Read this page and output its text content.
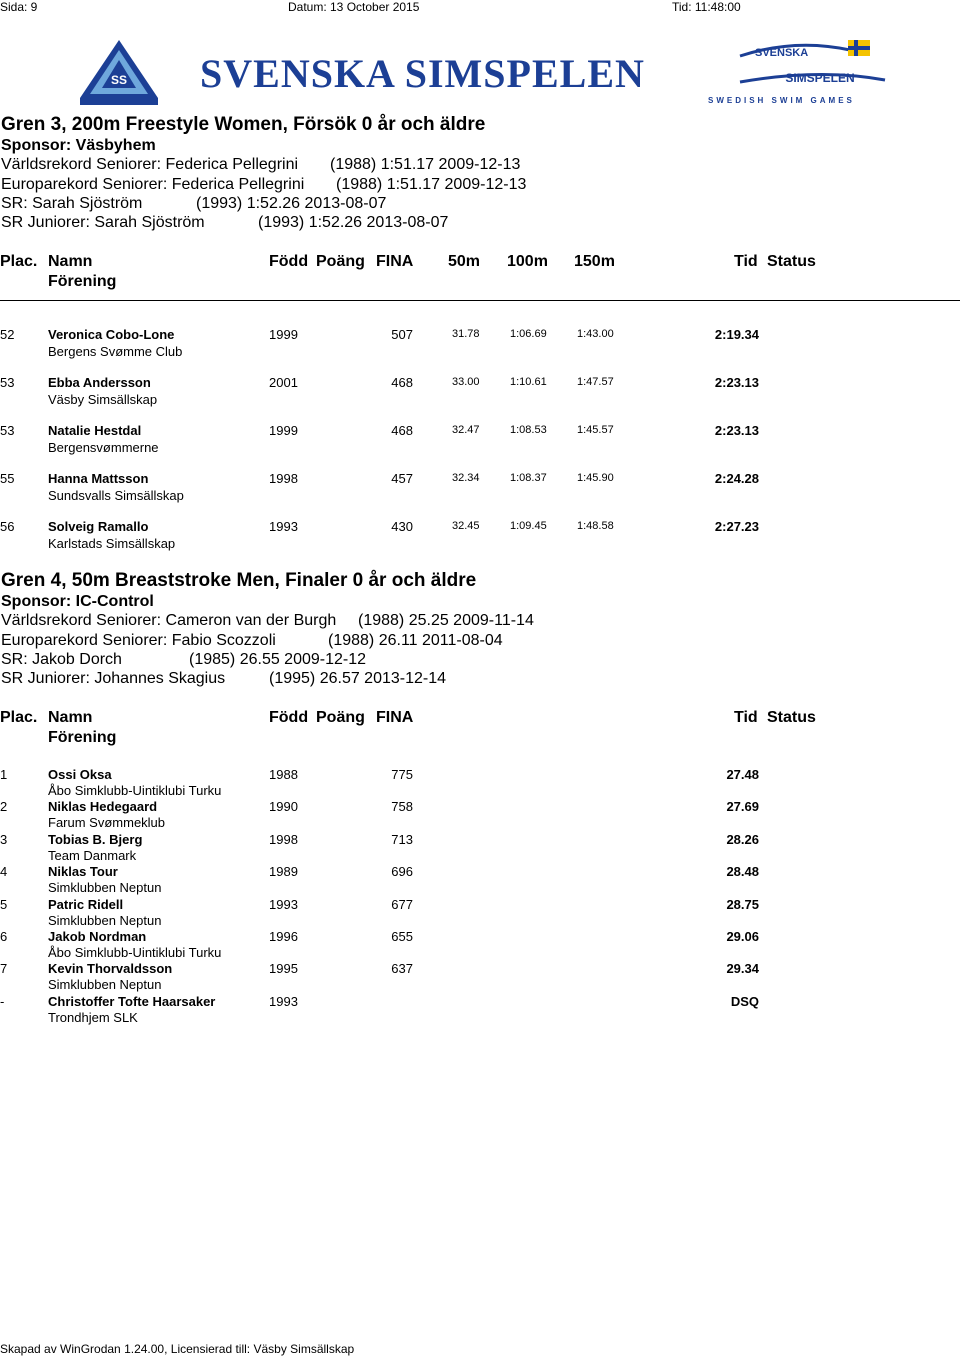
Sida: 9	Datum: 13 October 2015	Tid: 11:48:00
SS SVENSKA SIMSPELEN	SVENSKA
SIMSPELEN
SWEDISH SWIM GAMES
Gren 3, 200m Freestyle Women, Försök 0 år och äldre
Sponsor: Väsbyhem
Världsrekord Seniorer: Federica Pellegrini (1988) 1:51.17 2009-12-13
Europarekord Seniorer: Federica Pellegrini (1988) 1:51.17 2009-12-13
SR: Sarah Sjöström	(1993) 1:52.26 2013-08-07
SR Juniorer: Sarah Sjöström	(1993) 1:52.26 2013-08-07
Plac. Namn
Förening
Född Poäng FINA 50m 100m 150m	Tid Status
52	Veronica Cobo-Lone
Bergens Svømme Club
1999	507	31.78	1:06.69	1:43.00	2:19.34
53	Ebba Andersson
Väsby Simsällskap
2001	468	33.00	1:10.61	1:47.57	2:23.13
53	Natalie Hestdal
Bergensvømmerne
1999	468	32.47	1:08.53	1:45.57	2:23.13
55	Hanna Mattsson
Sundsvalls Simsällskap
1998	457	32.34	1:08.37	1:45.90	2:24.28
56	Solveig Ramallo
Karlstads Simsällskap
1993	430	32.45	1:09.45	1:48.58	2:27.23
Gren 4, 50m Breaststroke Men, Finaler 0 år och äldre
Sponsor: IC-Control
Världsrekord Seniorer: Cameron van der Burgh (1988) 25.25 2009-11-14
Europarekord Seniorer: Fabio Scozzoli	(1988) 26.11 2011-08-04
SR: Jakob Dorch	(1985) 26.55 2009-12-12
SR Juniorer: Johannes Skagius	(1995) 26.57 2013-12-14
Plac. Namn
Förening
Född Poäng FINA	Tid Status
1	Ossi Oksa
Åbo Simklubb-Uintiklubi Turku
1988	775	27.48
2	Niklas Hedegaard
Farum Svømmeklub
1990	758	27.69
3	Tobias B. Bjerg
Team Danmark
1998	713	28.26
4	Niklas Tour
Simklubben Neptun
1989	696	28.48
5	Patric Ridell
Simklubben Neptun
1993	677	28.75
6	Jakob Nordman
Åbo Simklubb-Uintiklubi Turku
1996	655	29.06
7	Kevin Thorvaldsson
Simklubben Neptun
1995	637	29.34
-	Christoffer Tofte Haarsaker
Trondhjem SLK
1993	DSQ
Skapad av WinGrodan 1.24.00, Licensierad till: Väsby Simsällskap
